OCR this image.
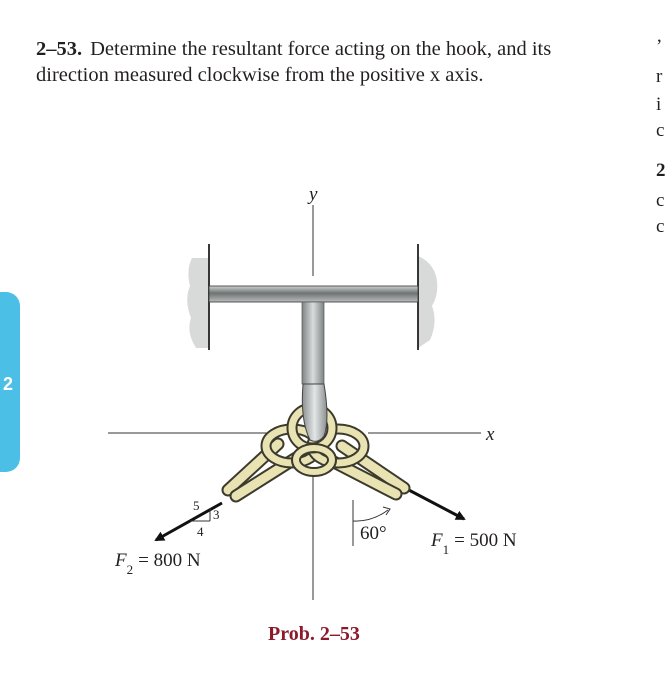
2–53. Determine the resultant force acting on the hook, and its direction measured clockwise from the positive x axis.
2
’
r
i
c
2
c
c
y
x
60° $F_1 = 500$ N
$F_2 = 800$ N
5
3
4
Prob. 2–53
